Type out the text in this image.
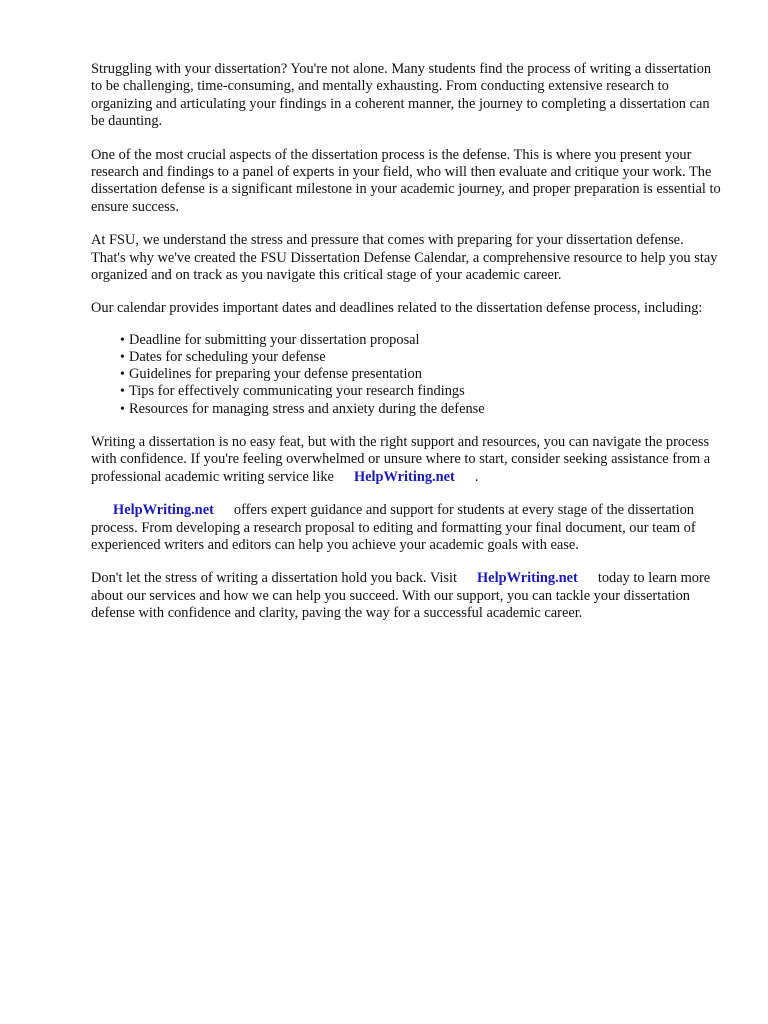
Struggling with your dissertation? You're not alone. Many students find the process of writing a dissertation to be challenging, time-consuming, and mentally exhausting. From conducting extensive research to organizing and articulating your findings in a coherent manner, the journey to completing a dissertation can be daunting.

One of the most crucial aspects of the dissertation process is the defense. This is where you present your research and findings to a panel of experts in your field, who will then evaluate and critique your work. The dissertation defense is a significant milestone in your academic journey, and proper preparation is essential to ensure success.

At FSU, we understand the stress and pressure that comes with preparing for your dissertation defense. That's why we've created the FSU Dissertation Defense Calendar, a comprehensive resource to help you stay organized and on track as you navigate this critical stage of your academic career.

Our calendar provides important dates and deadlines related to the dissertation defense process, including:

• Deadline for submitting your dissertation proposal
• Dates for scheduling your defense
• Guidelines for preparing your defense presentation
• Tips for effectively communicating your research findings
• Resources for managing stress and anxiety during the defense

Writing a dissertation is no easy feat, but with the right support and resources, you can navigate the process with confidence. If you're feeling overwhelmed or unsure where to start, consider seeking assistance from a professional academic writing service like HelpWriting.net .

HelpWriting.net offers expert guidance and support for students at every stage of the dissertation process. From developing a research proposal to editing and formatting your final document, our team of experienced writers and editors can help you achieve your academic goals with ease.

Don't let the stress of writing a dissertation hold you back. Visit HelpWriting.net today to learn more about our services and how we can help you succeed. With our support, you can tackle your dissertation defense with confidence and clarity, paving the way for a successful academic career.
